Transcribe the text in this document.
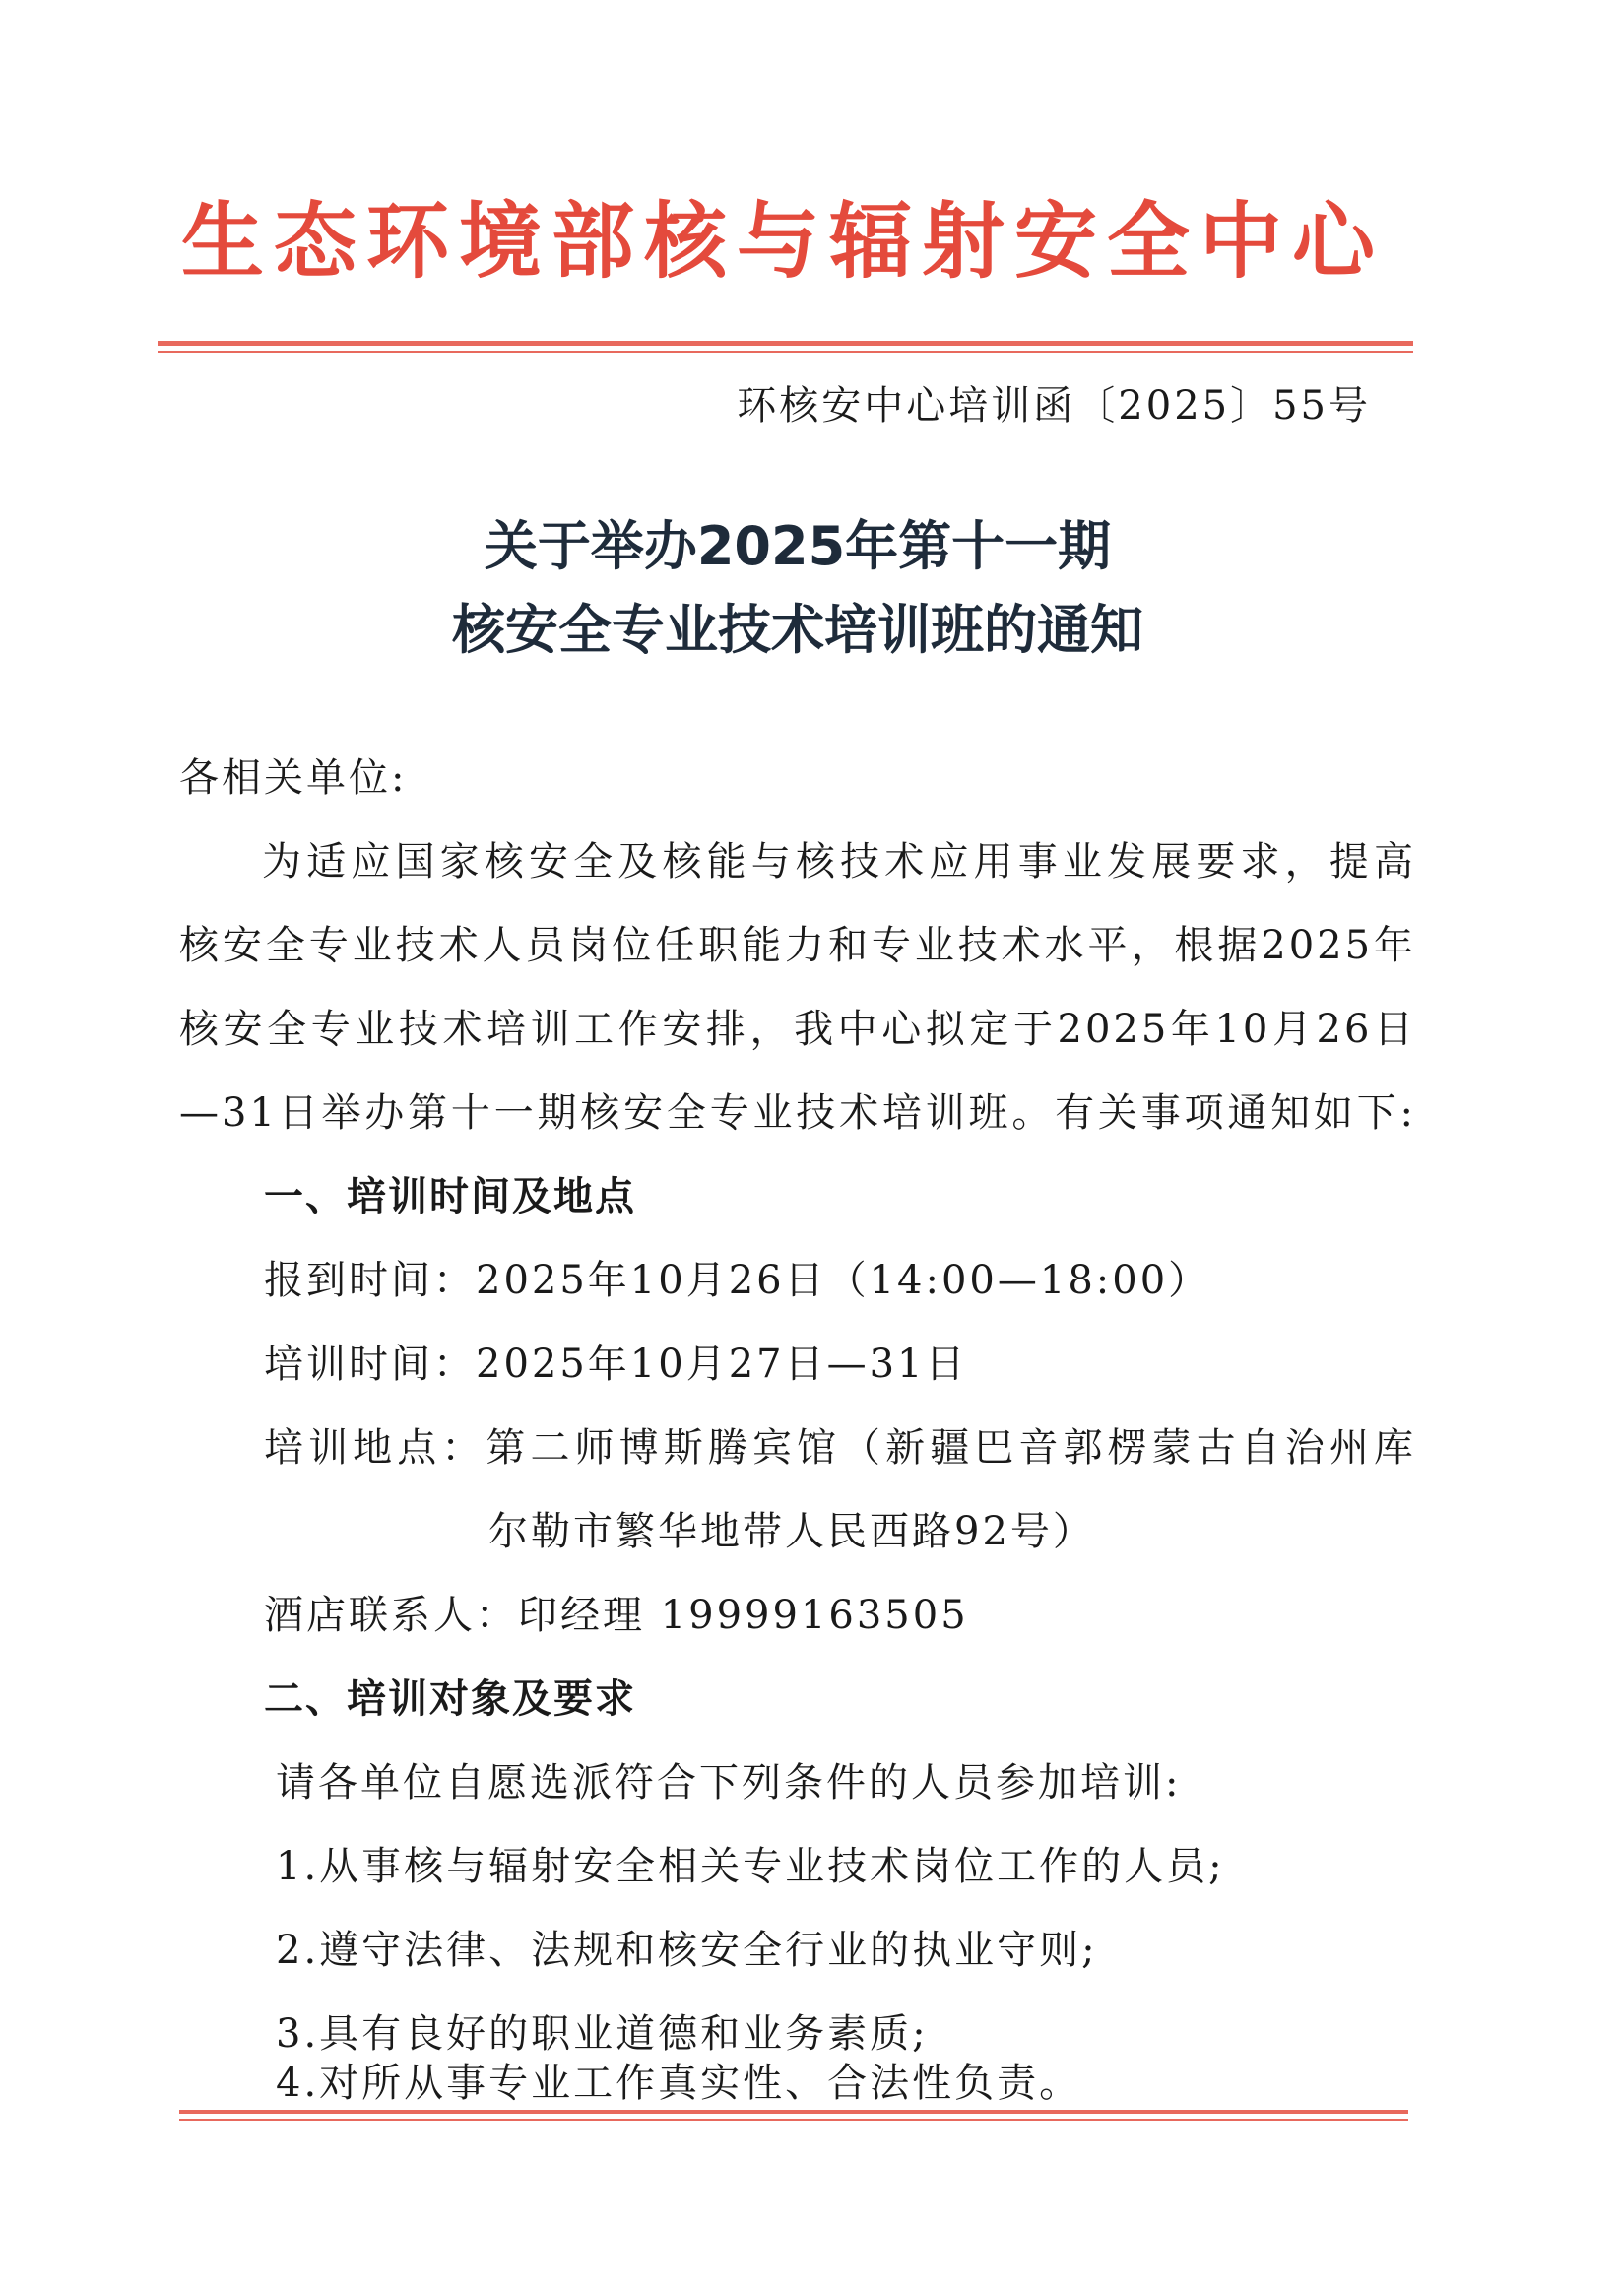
生态环境部核与辐射安全中心
环核安中心培训函〔2025〕55号
关于举办2025年第十一期
核安全专业技术培训班的通知
各相关单位:
为适应国家核安全及核能与核技术应用事业发展要求，提高
核安全专业技术人员岗位任职能力和专业技术水平，根据2025年
核安全专业技术培训工作安排，我中心拟定于2025年10月26日
—31日举办第十一期核安全专业技术培训班。有关事项通知如下:
一、培训时间及地点
报到时间：2025年10月26日（14:00—18:00）
培训时间：2025年10月27日—31日
培训地点：第二师博斯腾宾馆（新疆巴音郭楞蒙古自治州库
尔勒市繁华地带人民西路92号）
酒店联系人：印经理 19999163505
二、培训对象及要求
请各单位自愿选派符合下列条件的人员参加培训:
1.从事核与辐射安全相关专业技术岗位工作的人员;
2.遵守法律、法规和核安全行业的执业守则;
3.具有良好的职业道德和业务素质;
4.对所从事专业工作真实性、合法性负责。
